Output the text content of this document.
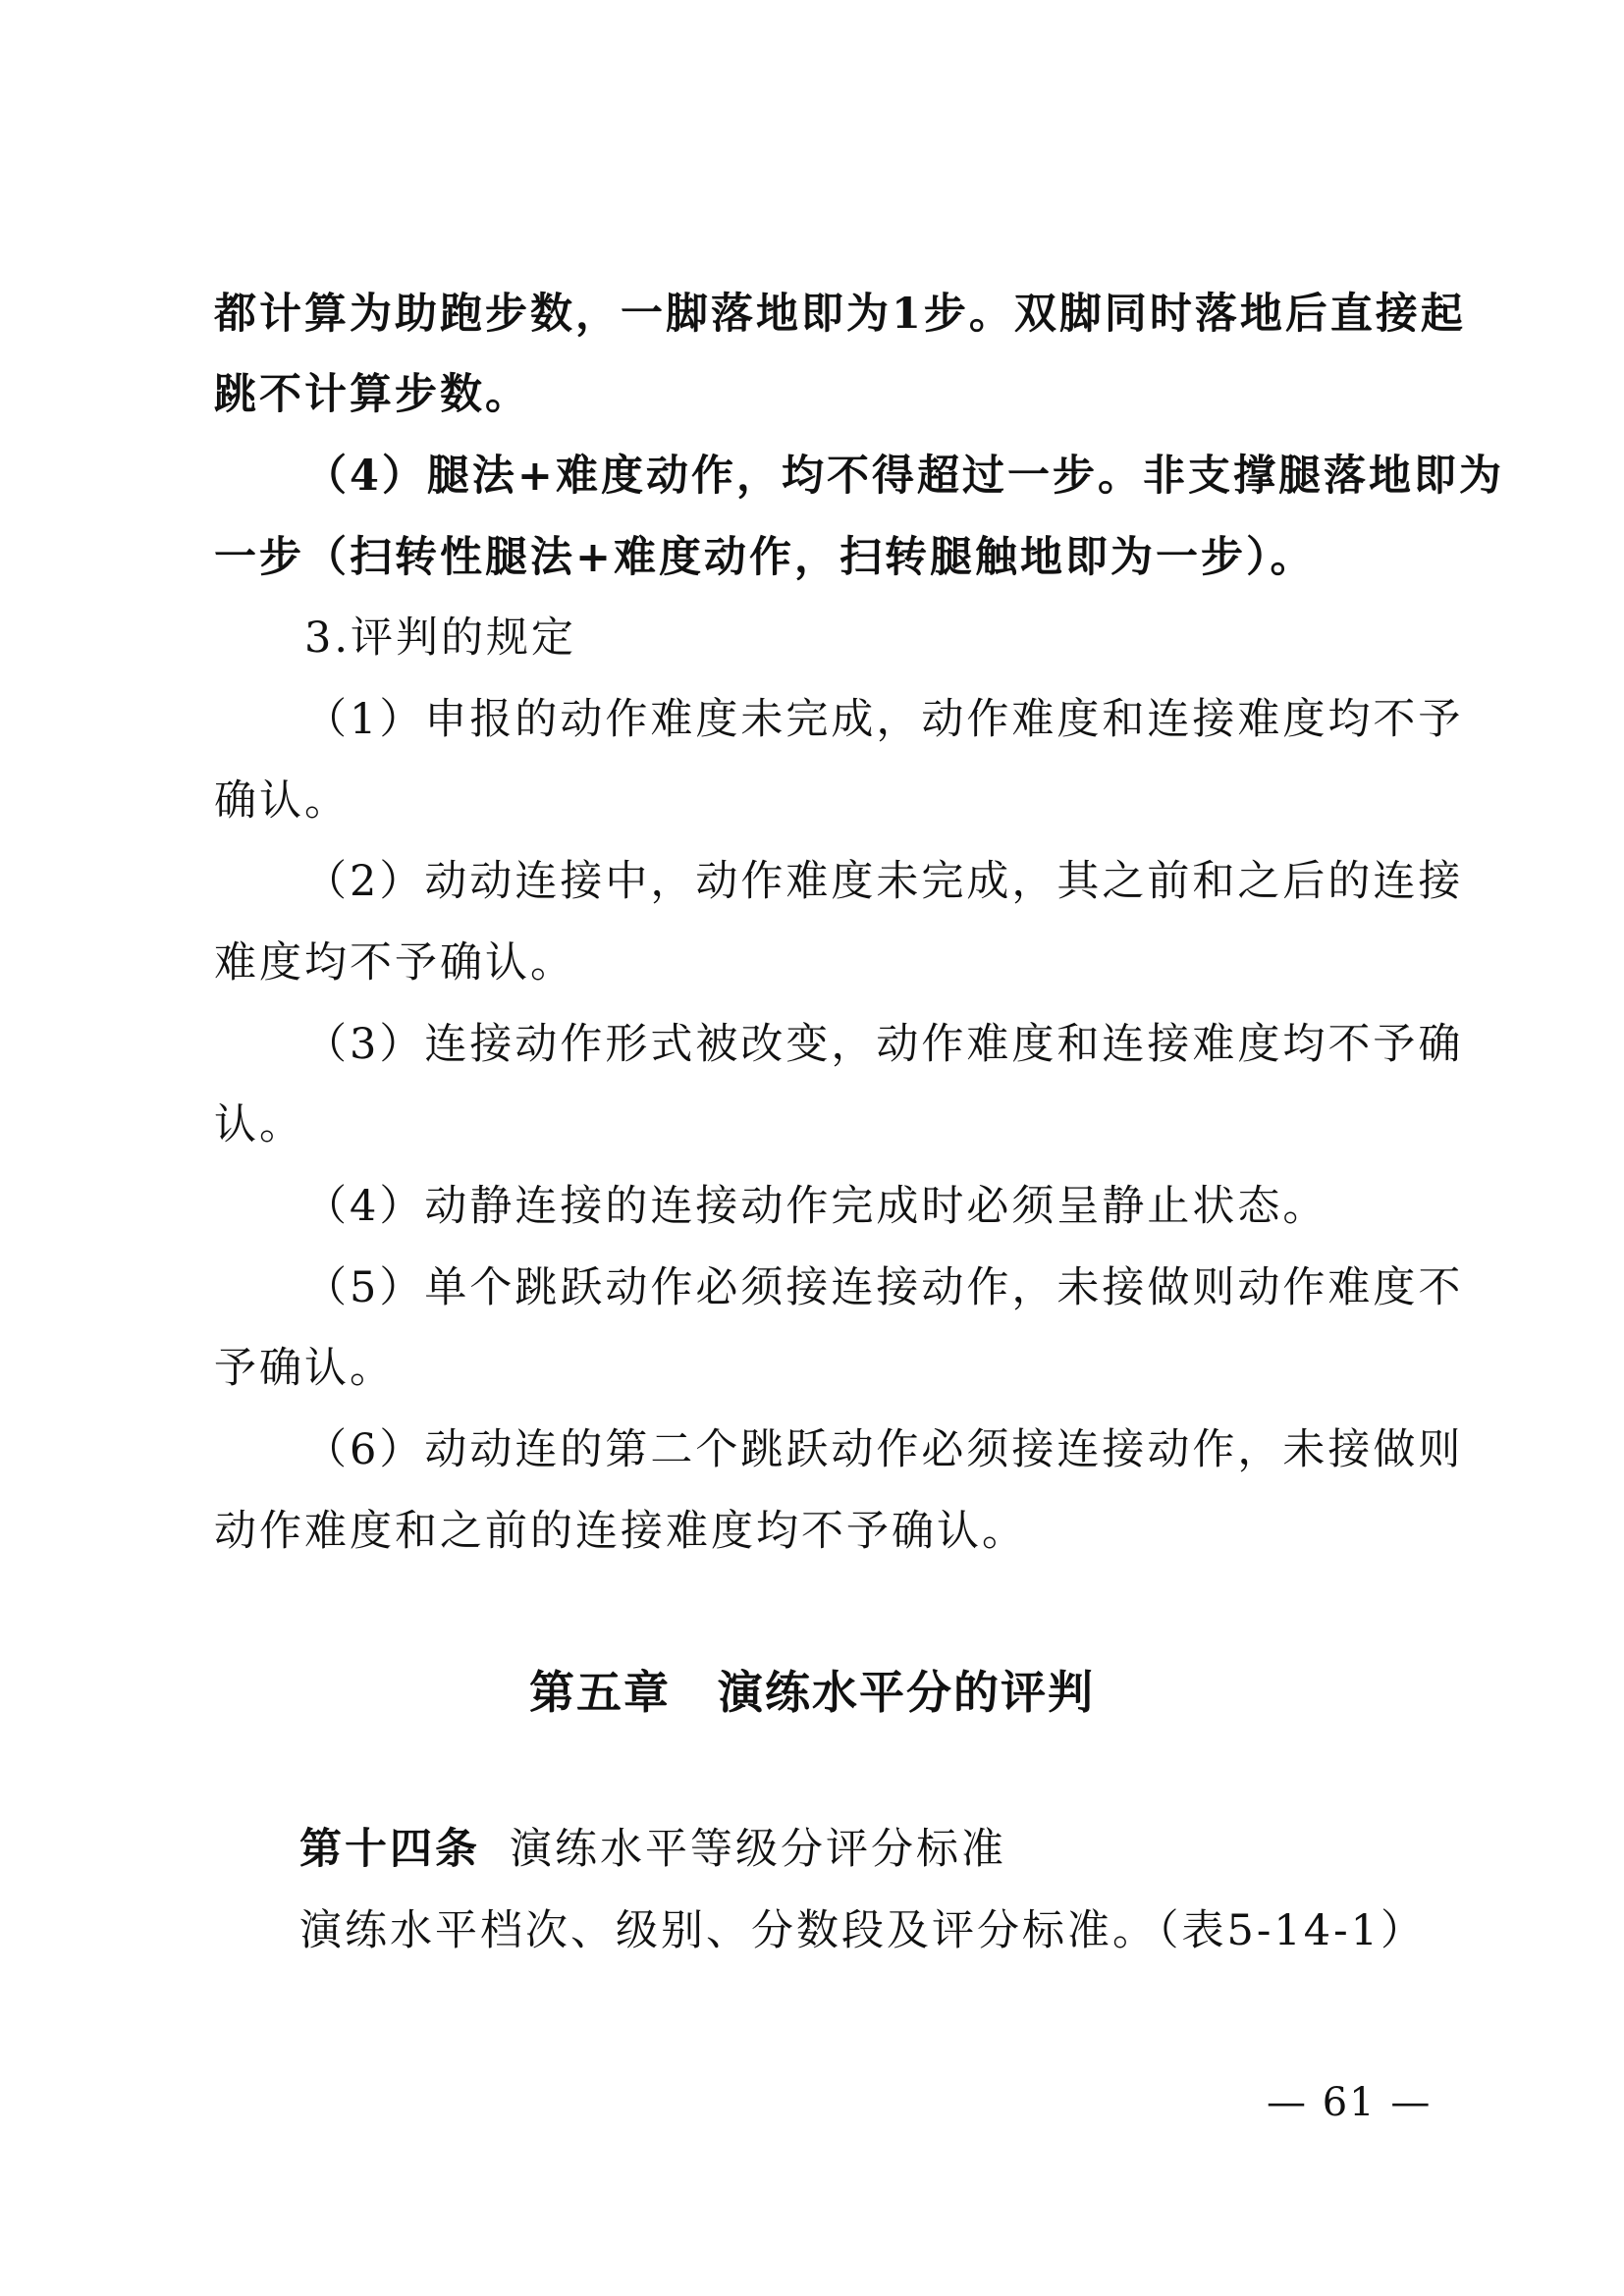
都计算为助跑步数，一脚落地即为1步。双脚同时落地后直接起
跳不计算步数。
（4）腿法+难度动作，均不得超过一步。非支撑腿落地即为
一步（扫转性腿法+难度动作，扫转腿触地即为一步）。
3.评判的规定
（1）申报的动作难度未完成，动作难度和连接难度均不予
确认。
（2）动动连接中，动作难度未完成，其之前和之后的连接
难度均不予确认。
（3）连接动作形式被改变，动作难度和连接难度均不予确
认。
（4）动静连接的连接动作完成时必须呈静止状态。
（5）单个跳跃动作必须接连接动作，未接做则动作难度不
予确认。
（6）动动连的第二个跳跃动作必须接连接动作，未接做则
动作难度和之前的连接难度均不予确认。
第五章　演练水平分的评判
第十四条 演练水平等级分评分标准
演练水平档次、级别、分数段及评分标准。（表5-14-1）
— 61 —
